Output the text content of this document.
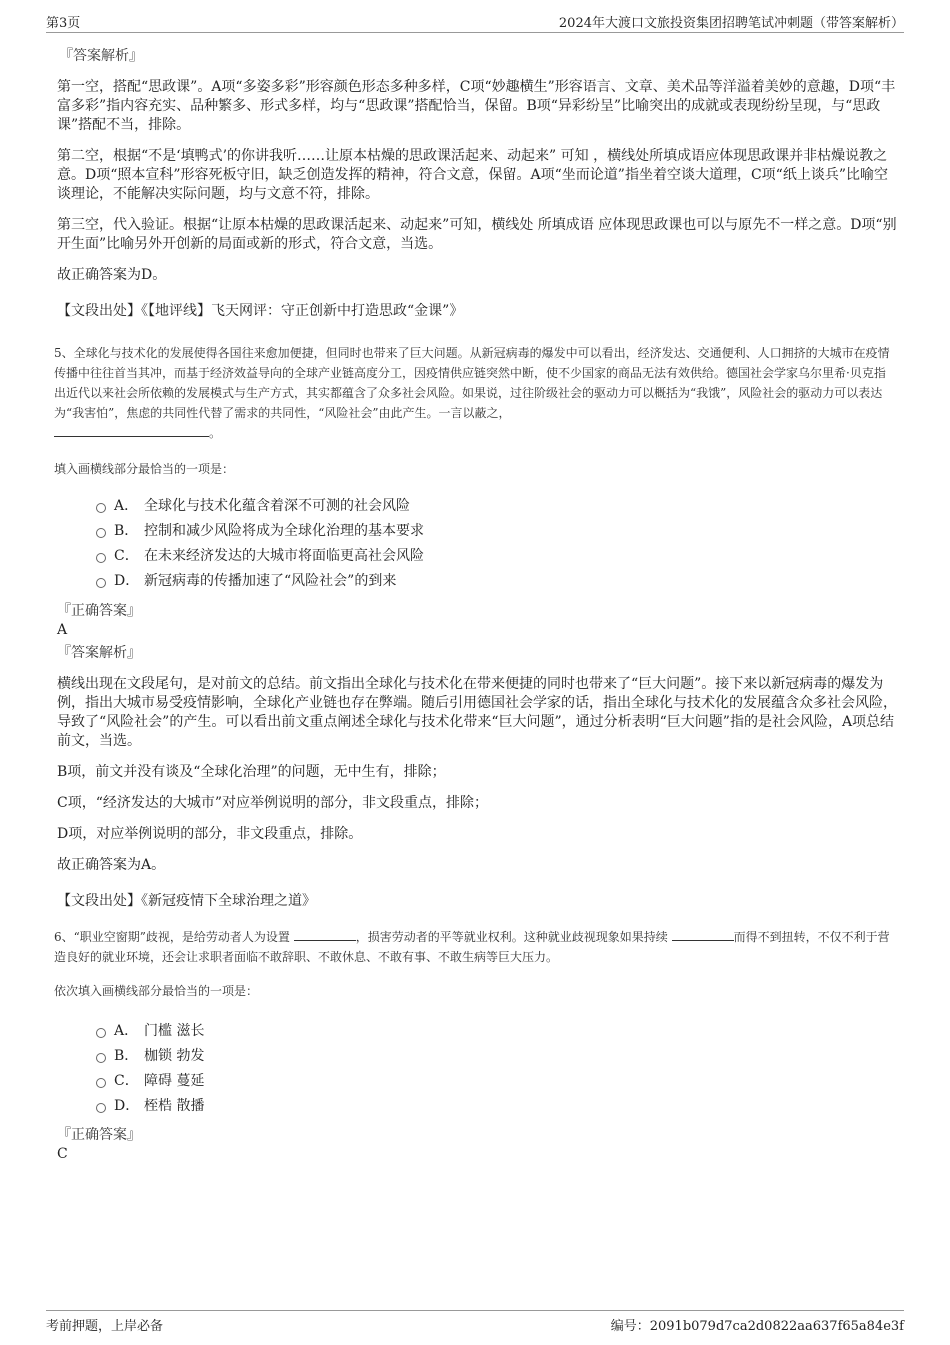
第3页	2024年大渡口文旅投资集团招聘笔试冲刺题（带答案解析）
『答案解析』

第一空，搭配“思政课”。A项“多姿多彩”形容颜色形态多种多样，C项“妙趣横生”形容语言、文章、美术品等洋溢着美妙的意趣，D项“丰富多彩”指内容充实、品种繁多、形式多样，均与“思政课”搭配恰当，保留。B项“异彩纷呈”比喻突出的成就或表现纷纷呈现，与“思政课”搭配不当，排除。

第二空，根据“不是‘填鸭式’的你讲我听……让原本枯燥的思政课活起来、动起来” 可知 ，横线处所填成语应体现思政课并非枯燥说教之意。D项“照本宣科”形容死板守旧，缺乏创造发挥的精神，符合文意，保留。A项“坐而论道”指坐着空谈大道理，C项“纸上谈兵”比喻空谈理论，不能解决实际问题，均与文意不符，排除。

第三空，代入验证。根据“让原本枯燥的思政课活起来、动起来”可知，横线处 所填成语 应体现思政课也可以与原先不一样之意。D项“别开生面”比喻另外开创新的局面或新的形式，符合文意，当选。

故正确答案为D。

【文段出处】《【地评线】飞天网评：守正创新中打造思政“金课”》

5、全球化与技术化的发展使得各国往来愈加便捷，但同时也带来了巨大问题。从新冠病毒的爆发中可以看出，经济发达、交通便利、人口拥挤的大城市在疫情传播中往往首当其冲，而基于经济效益导向的全球产业链高度分工，因疫情供应链突然中断，使不少国家的商品无法有效供给。德国社会学家乌尔里希·贝克指出近代以来社会所依赖的发展模式与生产方式，其实都蕴含了众多社会风险。如果说，过往阶级社会的驱动力可以概括为“我饿”，风险社会的驱动力可以表达为“我害怕”，焦虑的共同性代替了需求的共同性，“风险社会”由此产生。一言以蔽之，
。

填入画横线部分最恰当的一项是：

A． 全球化与技术化蕴含着深不可测的社会风险
B． 控制和减少风险将成为全球化治理的基本要求
C． 在未来经济发达的大城市将面临更高社会风险
D． 新冠病毒的传播加速了“风险社会”的到来
『正确答案』
A
『答案解析』

横线出现在文段尾句，是对前文的总结。前文指出全球化与技术化在带来便捷的同时也带来了“巨大问题”。接下来以新冠病毒的爆发为例，指出大城市易受疫情影响，全球化产业链也存在弊端。随后引用德国社会学家的话，指出全球化与技术化的发展蕴含众多社会风险，导致了“风险社会”的产生。可以看出前文重点阐述全球化与技术化带来“巨大问题”，通过分析表明“巨大问题”指的是社会风险，A项总结前文，当选。

B项，前文并没有谈及“全球化治理”的问题，无中生有，排除；

C项，“经济发达的大城市”对应举例说明的部分，非文段重点，排除；

D项，对应举例说明的部分，非文段重点，排除。

故正确答案为A。

【文段出处】《新冠疫情下全球治理之道》

6、“职业空窗期”歧视，是给劳动者人为设置	，损害劳动者的平等就业权利。这种就业歧视现象如果持续	而得不到扭转，不仅不利于营造良好的就业环境，还会让求职者面临不敢辞职、不敢休息、不敢有事、不敢生病等巨大压力。

依次填入画横线部分最恰当的一项是：

A． 门槛 滋长
B． 枷锁 勃发
C． 障碍 蔓延
D． 桎梏 散播
『正确答案』
C
考前押题，上岸必备	编号：2091b079d7ca2d0822aa637f65a84e3f
